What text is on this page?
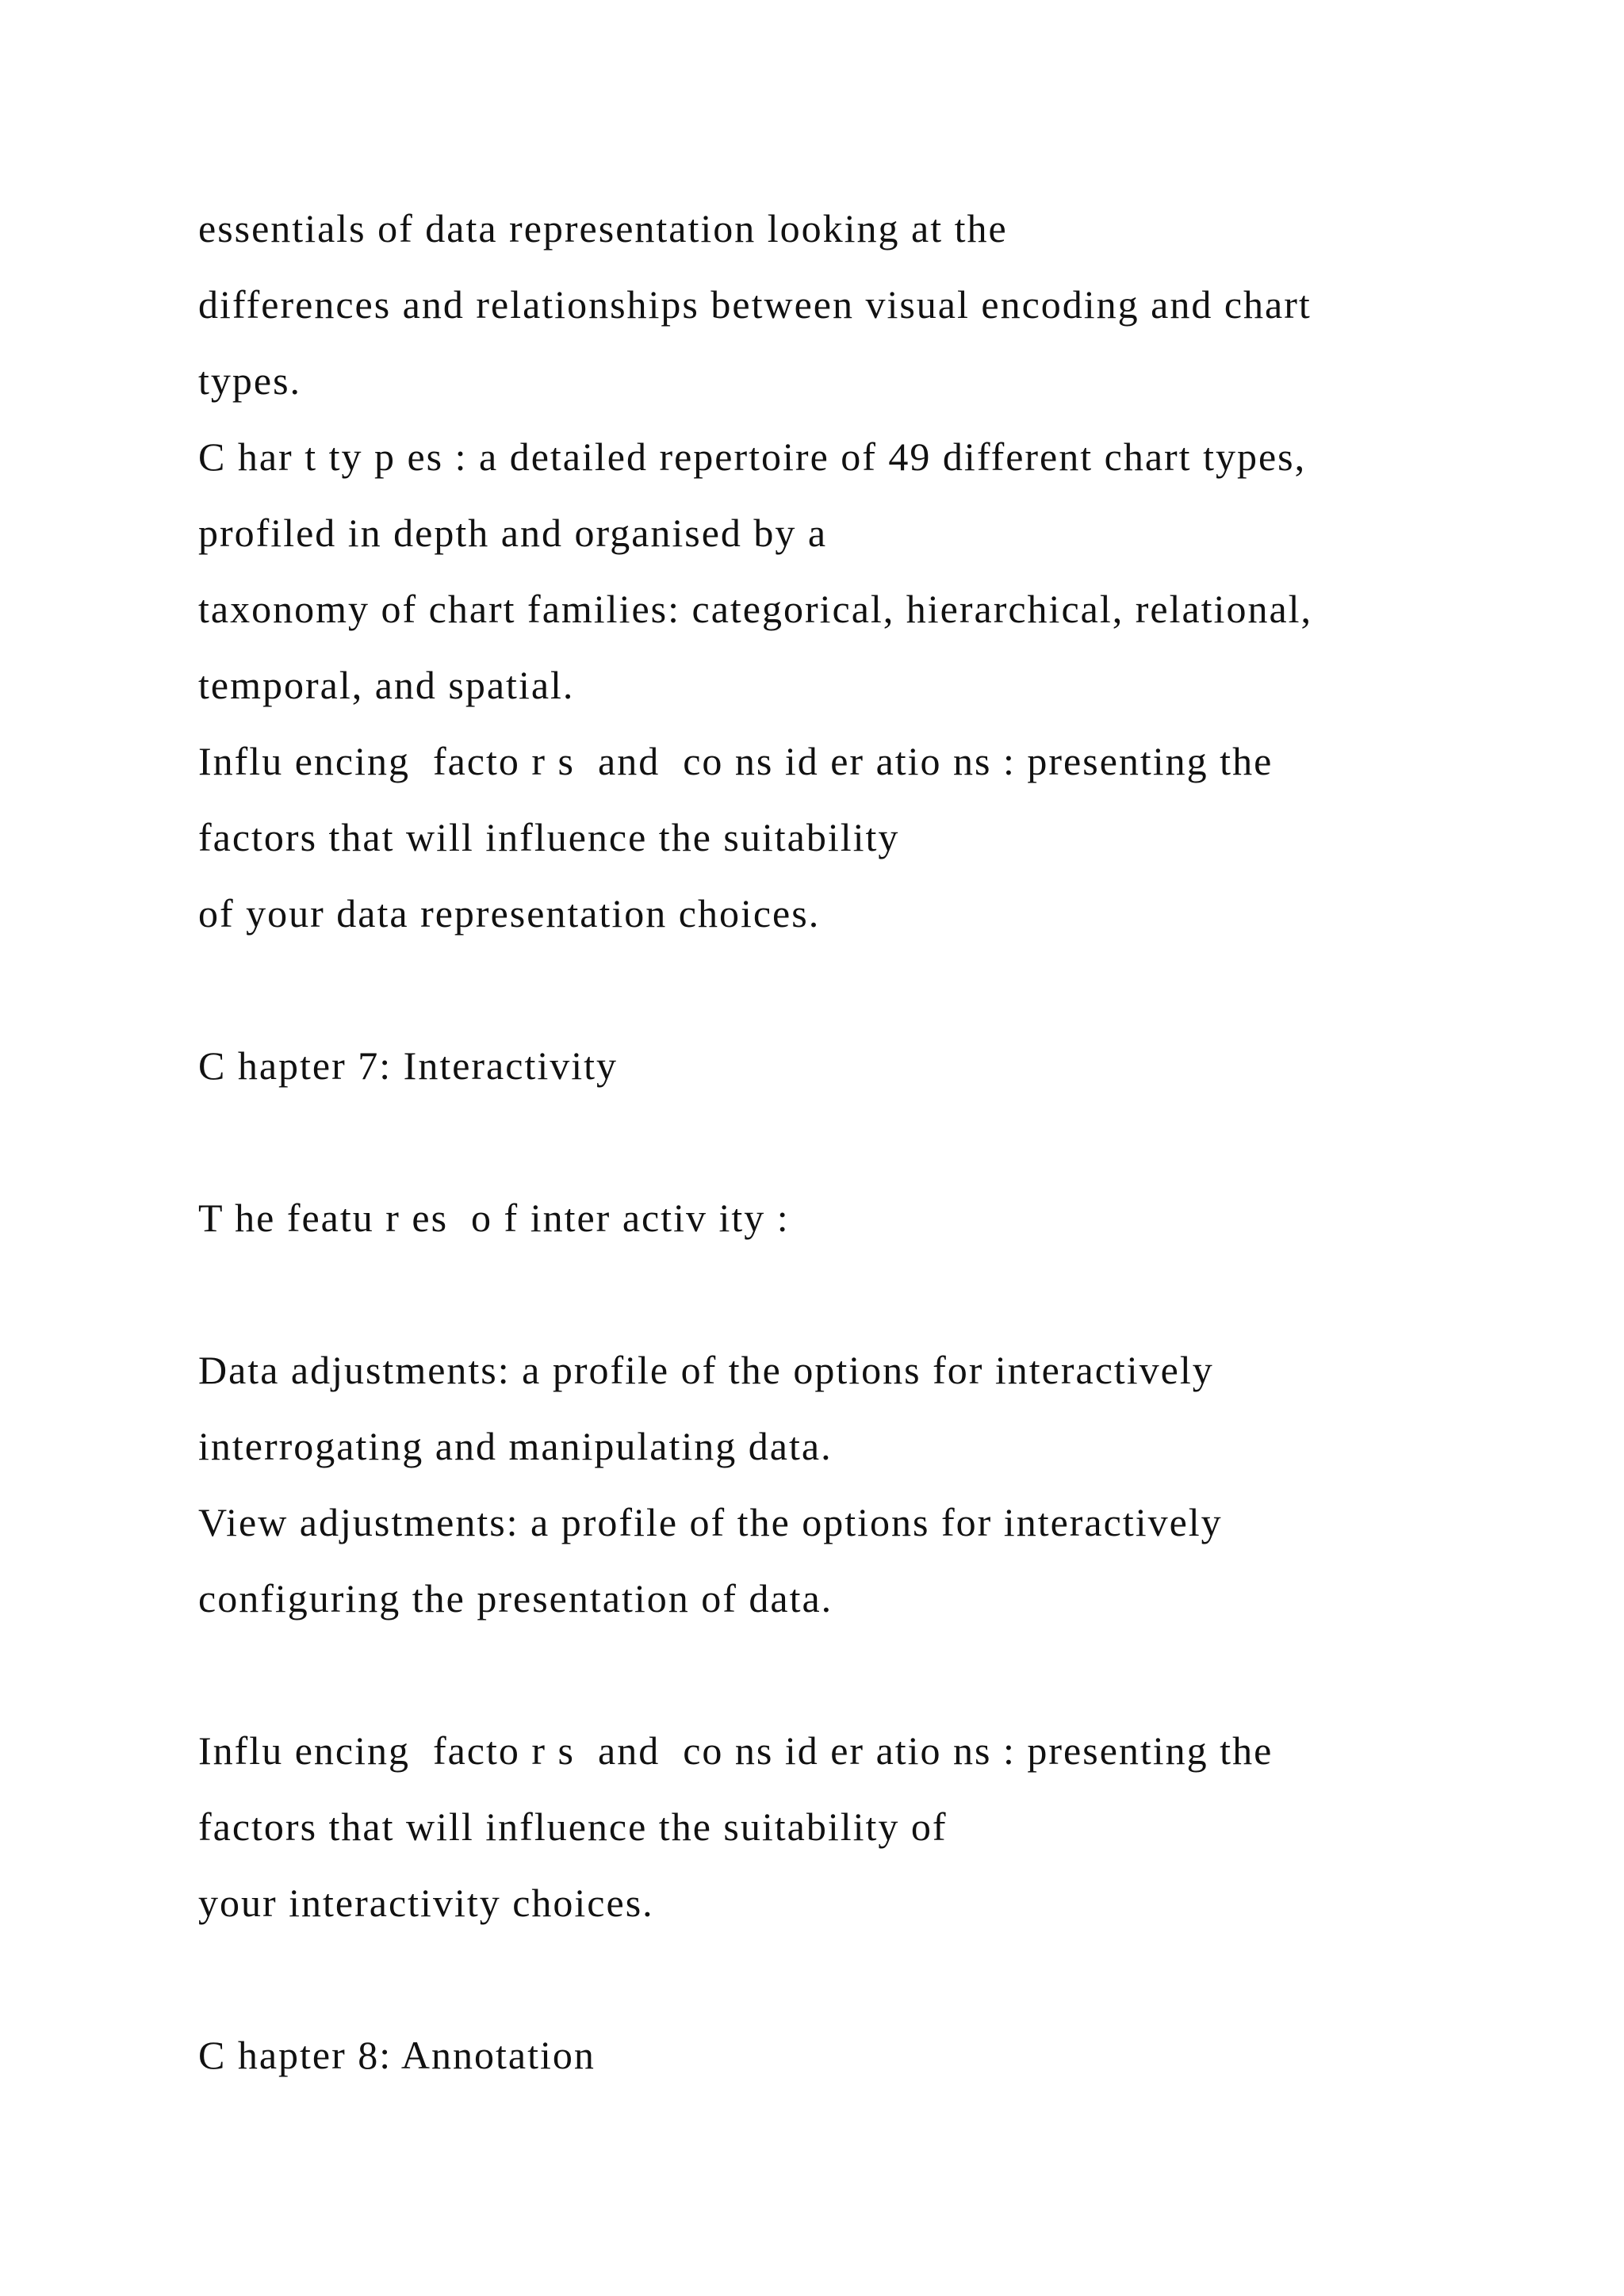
essentials of data representation looking at the
differences and relationships between visual encoding and chart
types.
C har t ty p es : a detailed repertoire of 49 different chart types,
profiled in depth and organised by a
taxonomy of chart families: categorical, hierarchical, relational,
temporal, and spatial.
Influ encing  facto r s  and  co ns id er atio ns : presenting the
factors that will influence the suitability
of your data representation choices.
C hapter 7: Interactivity
T he featu r es  o f inter activ ity :
Data adjustments: a profile of the options for interactively
interrogating and manipulating data.
View adjustments: a profile of the options for interactively
configuring the presentation of data.
Influ encing  facto r s  and  co ns id er atio ns : presenting the
factors that will influence the suitability of
your interactivity choices.
C hapter 8: Annotation
